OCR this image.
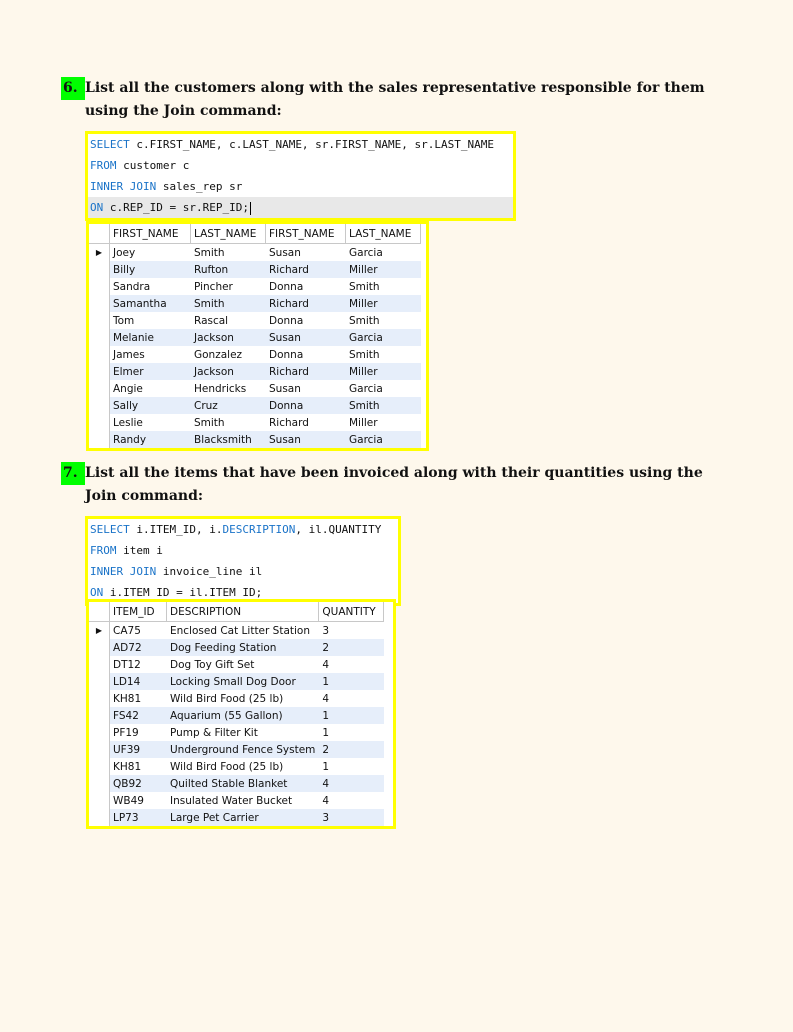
6. List all the customers along with the sales representative responsible for them using the Join command:
SELECT c.FIRST_NAME, c.LAST_NAME, sr.FIRST_NAME, sr.LAST_NAME
FROM customer c
INNER JOIN sales_rep sr
ON c.REP_ID = sr.REP_ID;
	FIRST_NAME	LAST_NAME	FIRST_NAME	LAST_NAME
▶	Joey	Smith	Susan	Garcia
	Billy	Rufton	Richard	Miller
	Sandra	Pincher	Donna	Smith
	Samantha	Smith	Richard	Miller
	Tom	Rascal	Donna	Smith
	Melanie	Jackson	Susan	Garcia
	James	Gonzalez	Donna	Smith
	Elmer	Jackson	Richard	Miller
	Angie	Hendricks	Susan	Garcia
	Sally	Cruz	Donna	Smith
	Leslie	Smith	Richard	Miller
	Randy	Blacksmith	Susan	Garcia
7. List all the items that have been invoiced along with their quantities using the Join command:
SELECT i.ITEM_ID, i.DESCRIPTION, il.QUANTITY
FROM item i
INNER JOIN invoice_line il
ON i.ITEM ID = il.ITEM ID;
	ITEM_ID	DESCRIPTION	QUANTITY
▶	CA75	Enclosed Cat Litter Station	3
	AD72	Dog Feeding Station	2
	DT12	Dog Toy Gift Set	4
	LD14	Locking Small Dog Door	1
	KH81	Wild Bird Food (25 lb)	4
	FS42	Aquarium (55 Gallon)	1
	PF19	Pump & Filter Kit	1
	UF39	Underground Fence System	2
	KH81	Wild Bird Food (25 lb)	1
	QB92	Quilted Stable Blanket	4
	WB49	Insulated Water Bucket	4
	LP73	Large Pet Carrier	3
